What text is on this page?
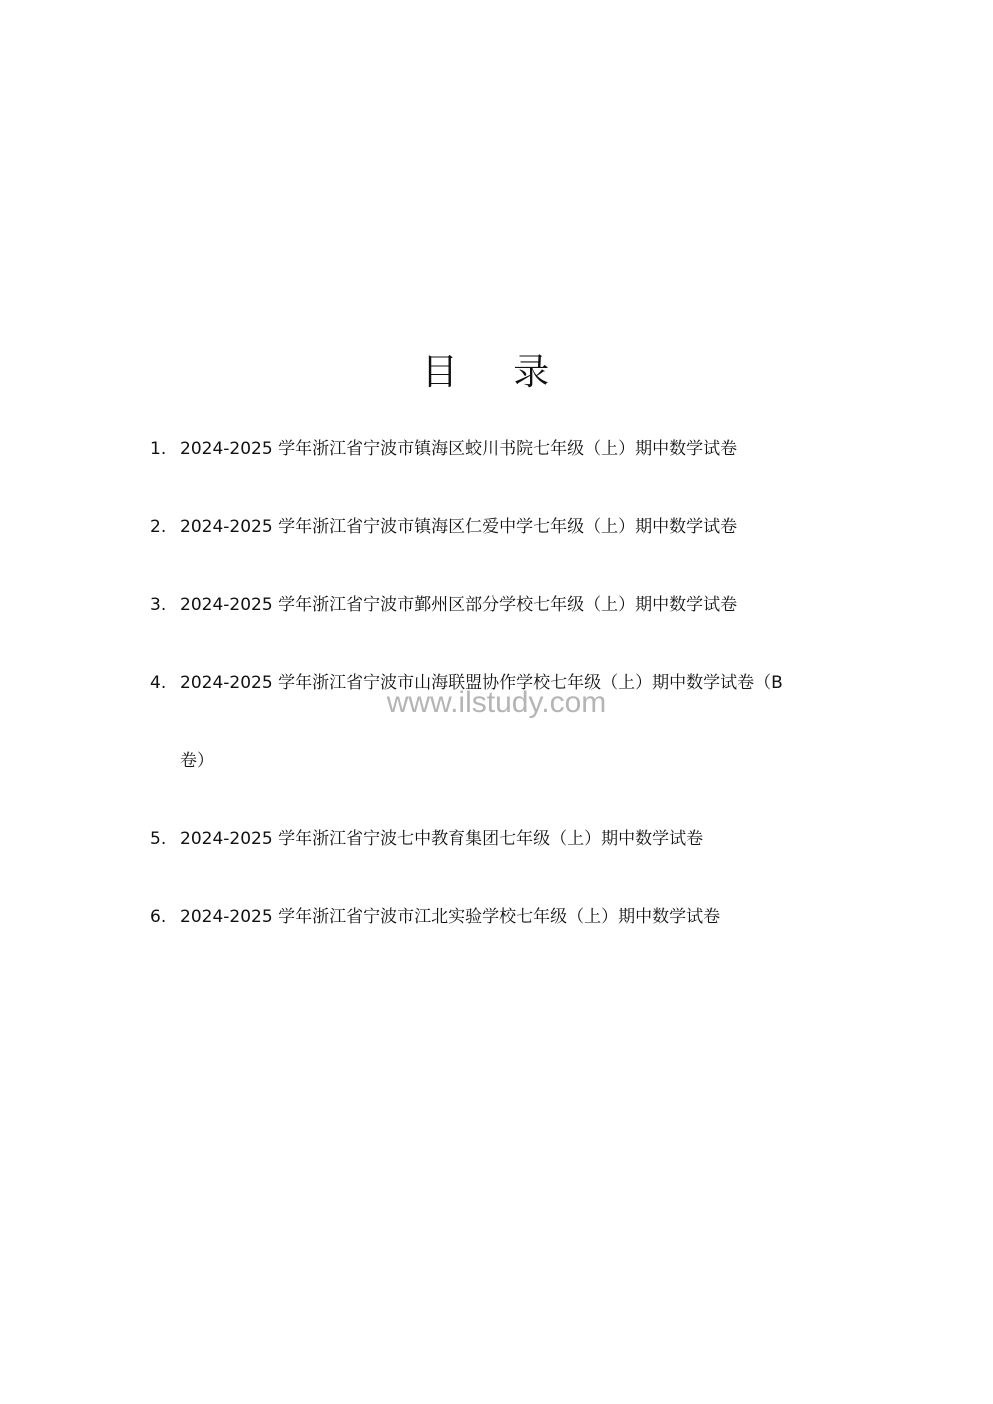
目 录
1. 2024-2025 学年浙江省宁波市镇海区蛟川书院七年级（上）期中数学试卷
2. 2024-2025 学年浙江省宁波市镇海区仁爱中学七年级（上）期中数学试卷
3. 2024-2025 学年浙江省宁波市鄞州区部分学校七年级（上）期中数学试卷
4. 2024-2025 学年浙江省宁波市山海联盟协作学校七年级（上）期中数学试卷（B
卷）
5. 2024-2025 学年浙江省宁波七中教育集团七年级（上）期中数学试卷
6. 2024-2025 学年浙江省宁波市江北实验学校七年级（上）期中数学试卷
www.ilstudy.com
